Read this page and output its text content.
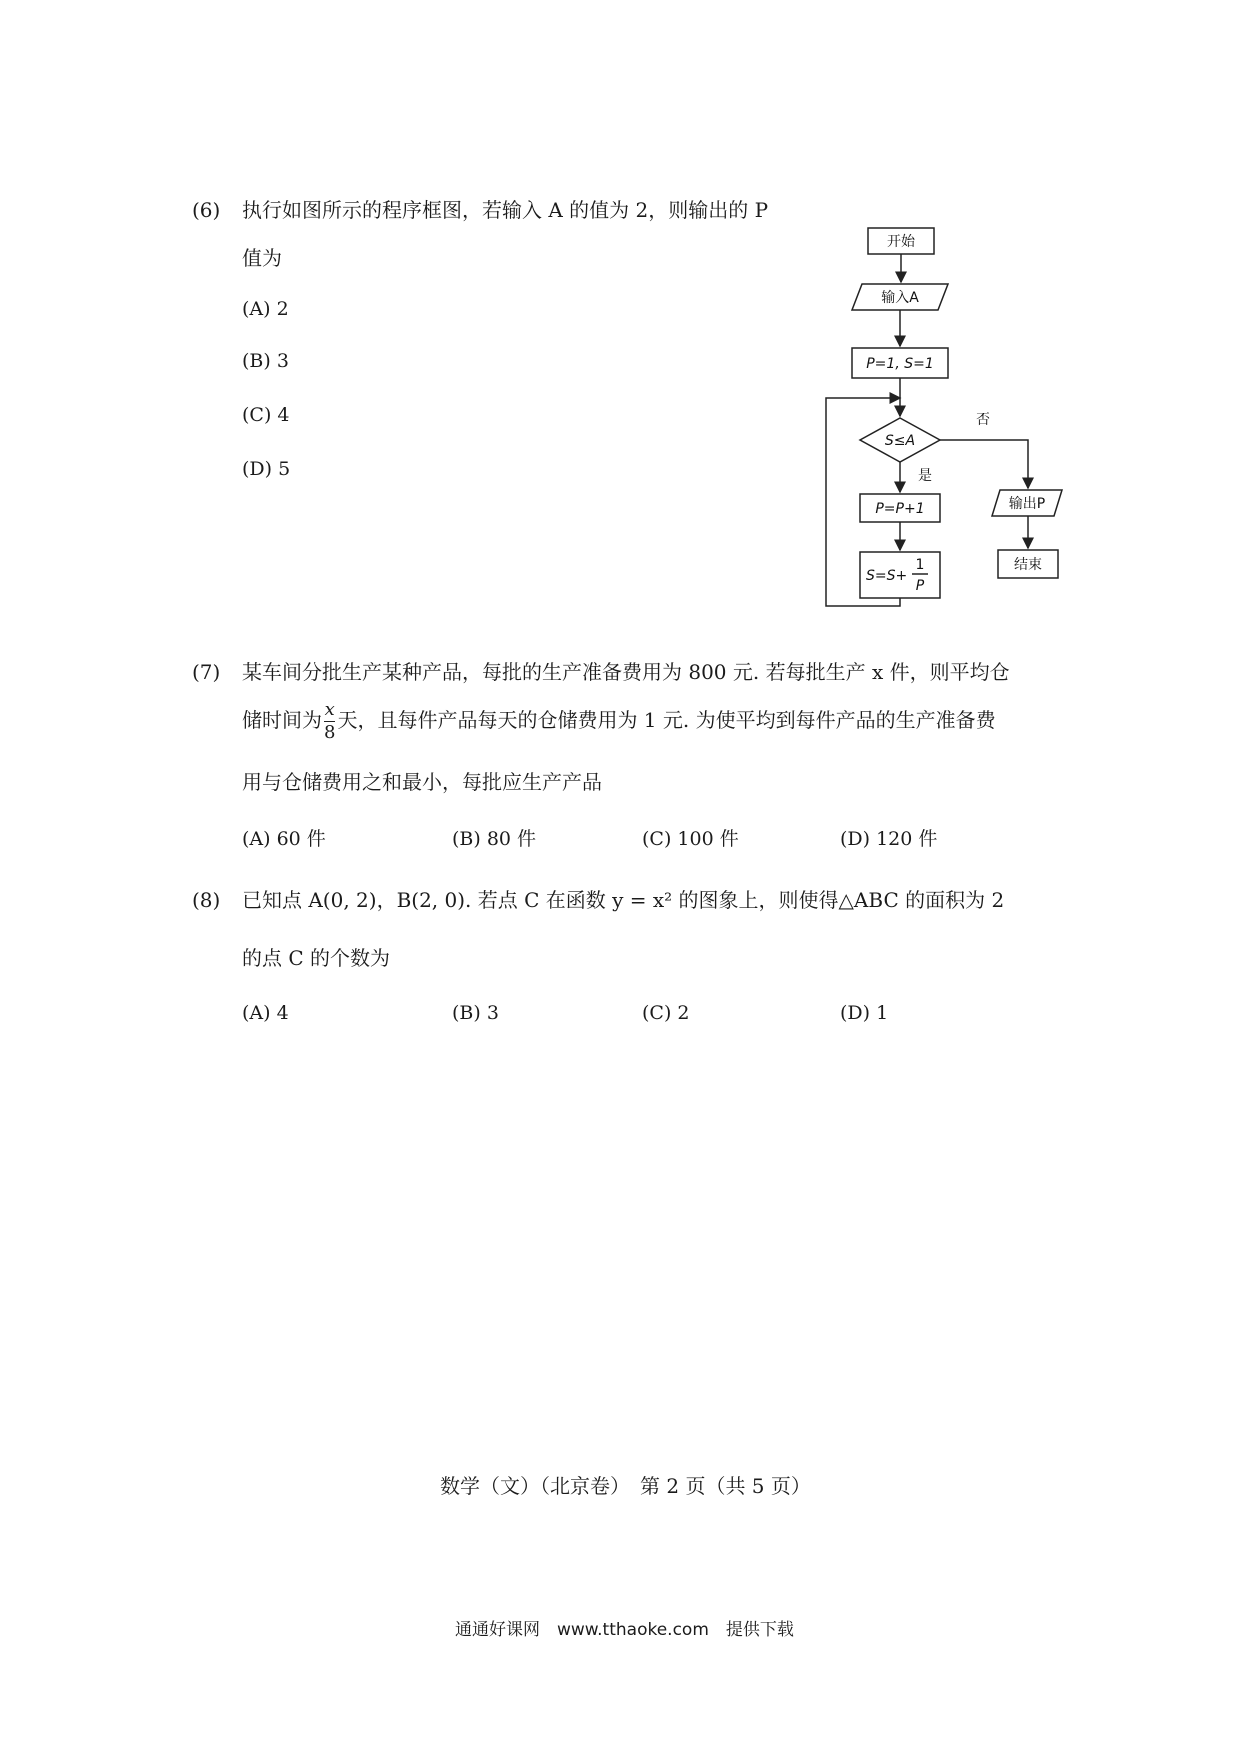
(6) 执行如图所示的程序框图，若输入 A 的值为 2，则输出的 P
值为
(A) 2
(B) 3
(C) 4
(D) 5
开始
输入A
P=1, S=1
S≤A
是
否
P=P+1
S=S+
1
P
输出P
结束
(7) 某车间分批生产某种产品，每批的生产准备费用为 800 元. 若每批生产 x 件，则平均仓
储时间为 $\frac{x}{8}$ 天，且每件产品每天的仓储费用为 1 元. 为使平均到每件产品的生产准备费
用与仓储费用之和最小，每批应生产产品
(A) 60 件	(B) 80 件	(C) 100 件	(D) 120 件
(8) 已知点 A(0, 2)，B(2, 0). 若点 C 在函数 y = x² 的图象上，则使得△ABC 的面积为 2
的点 C 的个数为
(A) 4	(B) 3	(C) 2	(D) 1
数学（文）（北京卷）　第 2 页（共 5 页）
通通好课网　www.tthaoke.com　提供下载
